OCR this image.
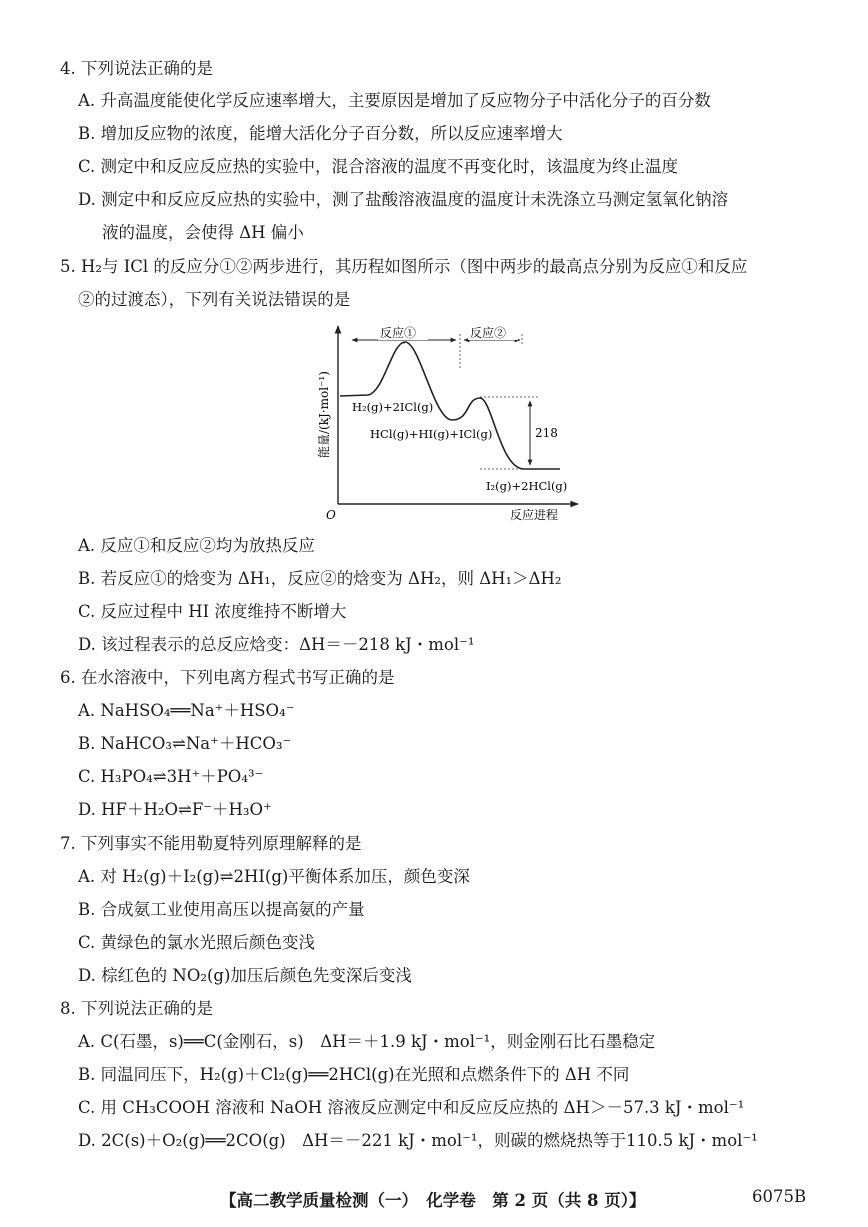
4. 下列说法正确的是
A. 升高温度能使化学反应速率增大，主要原因是增加了反应物分子中活化分子的百分数
B. 增加反应物的浓度，能增大活化分子百分数，所以反应速率增大
C. 测定中和反应反应热的实验中，混合溶液的温度不再变化时，该温度为终止温度
D. 测定中和反应反应热的实验中，测了盐酸溶液温度的温度计未洗涤立马测定氢氧化钠溶
液的温度，会使得 ΔH 偏小
5. H₂与 ICl 的反应分①②两步进行，其历程如图所示（图中两步的最高点分别为反应①和反应
②的过渡态），下列有关说法错误的是
反应①	反应②
218
H₂(g)+2ICl(g)
HCl(g)+HI(g)+ICl(g)
I₂(g)+2HCl(g)
能量/(kJ·mol⁻¹)
反应进程
O
A. 反应①和反应②均为放热反应
B. 若反应①的焓变为 ΔH₁，反应②的焓变为 ΔH₂，则 ΔH₁＞ΔH₂
C. 反应过程中 HI 浓度维持不断增大
D. 该过程表示的总反应焓变：ΔH＝－218 kJ・mol⁻¹
6. 在水溶液中，下列电离方程式书写正确的是
A. NaHSO₄══Na⁺＋HSO₄⁻
B. NaHCO₃⇌Na⁺＋HCO₃⁻
C. H₃PO₄⇌3H⁺＋PO₄³⁻
D. HF＋H₂O⇌F⁻＋H₃O⁺
7. 下列事实不能用勒夏特列原理解释的是
A. 对 H₂(g)＋I₂(g)⇌2HI(g)平衡体系加压，颜色变深
B. 合成氨工业使用高压以提高氨的产量
C. 黄绿色的氯水光照后颜色变浅
D. 棕红色的 NO₂(g)加压后颜色先变深后变浅
8. 下列说法正确的是
A. C(石墨，s)══C(金刚石，s)　ΔH＝＋1.9 kJ・mol⁻¹，则金刚石比石墨稳定
B. 同温同压下，H₂(g)＋Cl₂(g)══2HCl(g)在光照和点燃条件下的 ΔH 不同
C. 用 CH₃COOH 溶液和 NaOH 溶液反应测定中和反应反应热的 ΔH＞－57.3 kJ・mol⁻¹
D. 2C(s)＋O₂(g)══2CO(g)　ΔH＝－221 kJ・mol⁻¹，则碳的燃烧热等于110.5 kJ・mol⁻¹
【高二教学质量检测（一）　化学卷　第 2 页（共 8 页）】	6075B
